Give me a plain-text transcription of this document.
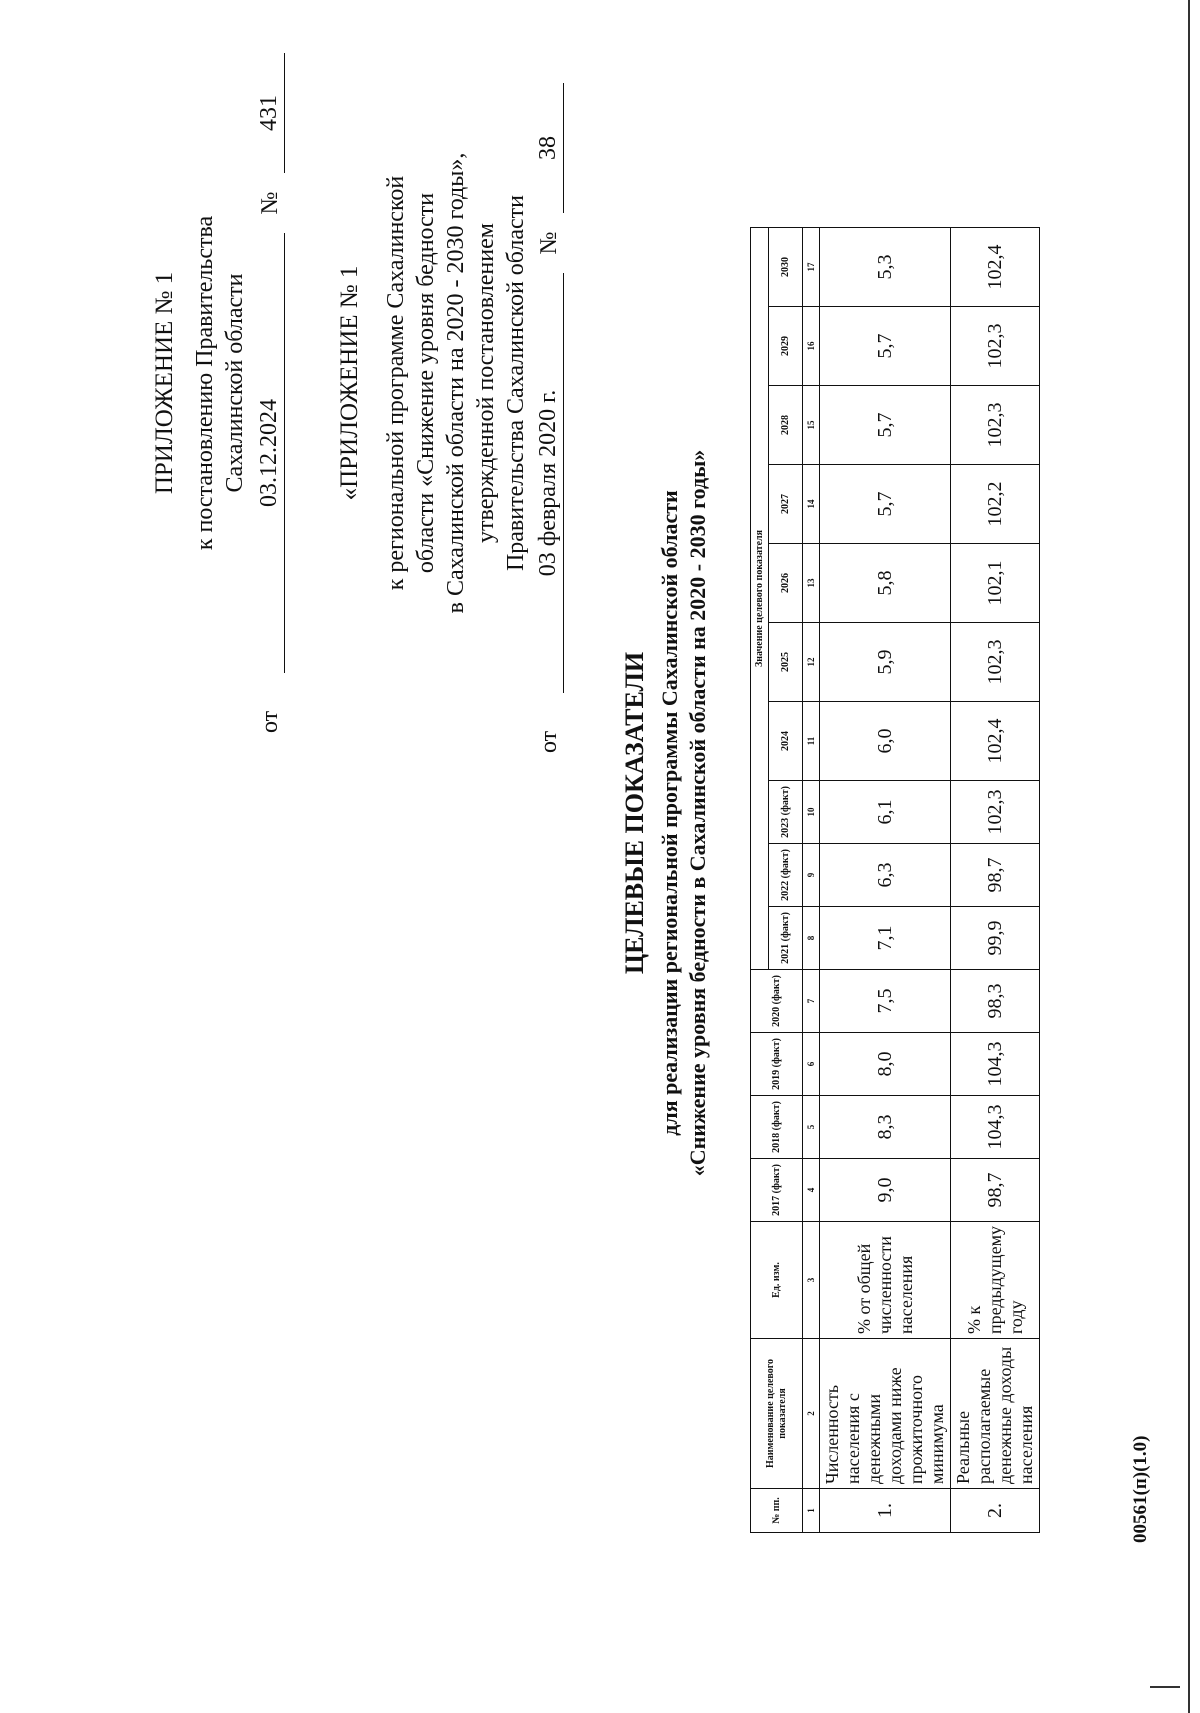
ПРИЛОЖЕНИЕ № 1 к постановлению Правительства Сахалинской области
от
03.12.2024
№
431
«ПРИЛОЖЕНИЕ № 1 к региональной программе Сахалинской области «Снижение уровня бедности в Сахалинской области на 2020 - 2030 годы», утвержденной постановлением Правительства Сахалинской области
от
03 февраля 2020 г.
№
38
ЦЕЛЕВЫЕ ПОКАЗАТЕЛИ для реализации региональной программы Сахалинской области «Снижение уровня бедности в Сахалинской области на 2020 - 2030 годы»
№ пп.	Наименование целевого показателя	Ед. изм.	2017 (факт)	2018 (факт)	2019 (факт)	2020 (факт)	Значение целевого показателя									
							2021 (факт)	2022 (факт)	2023 (факт)	2024	2025	2026	2027	2028	2029	2030
1	2	3	4	5	6	7	8	9	10	11	12	13	14	15	16	17
1.	Численность населения с денежными доходами ниже прожиточного минимума	% от общей численности населения	9,0	8,3	8,0	7,5	7,1	6,3	6,1	6,0	5,9	5,8	5,7	5,7	5,7	5,3
2.	Реальные располагаемые денежные доходы населения	% к предыдущему году	98,7	104,3	104,3	98,3	99,9	98,7	102,3	102,4	102,3	102,1	102,2	102,3	102,3	102,4
00561(п)(1.0)
